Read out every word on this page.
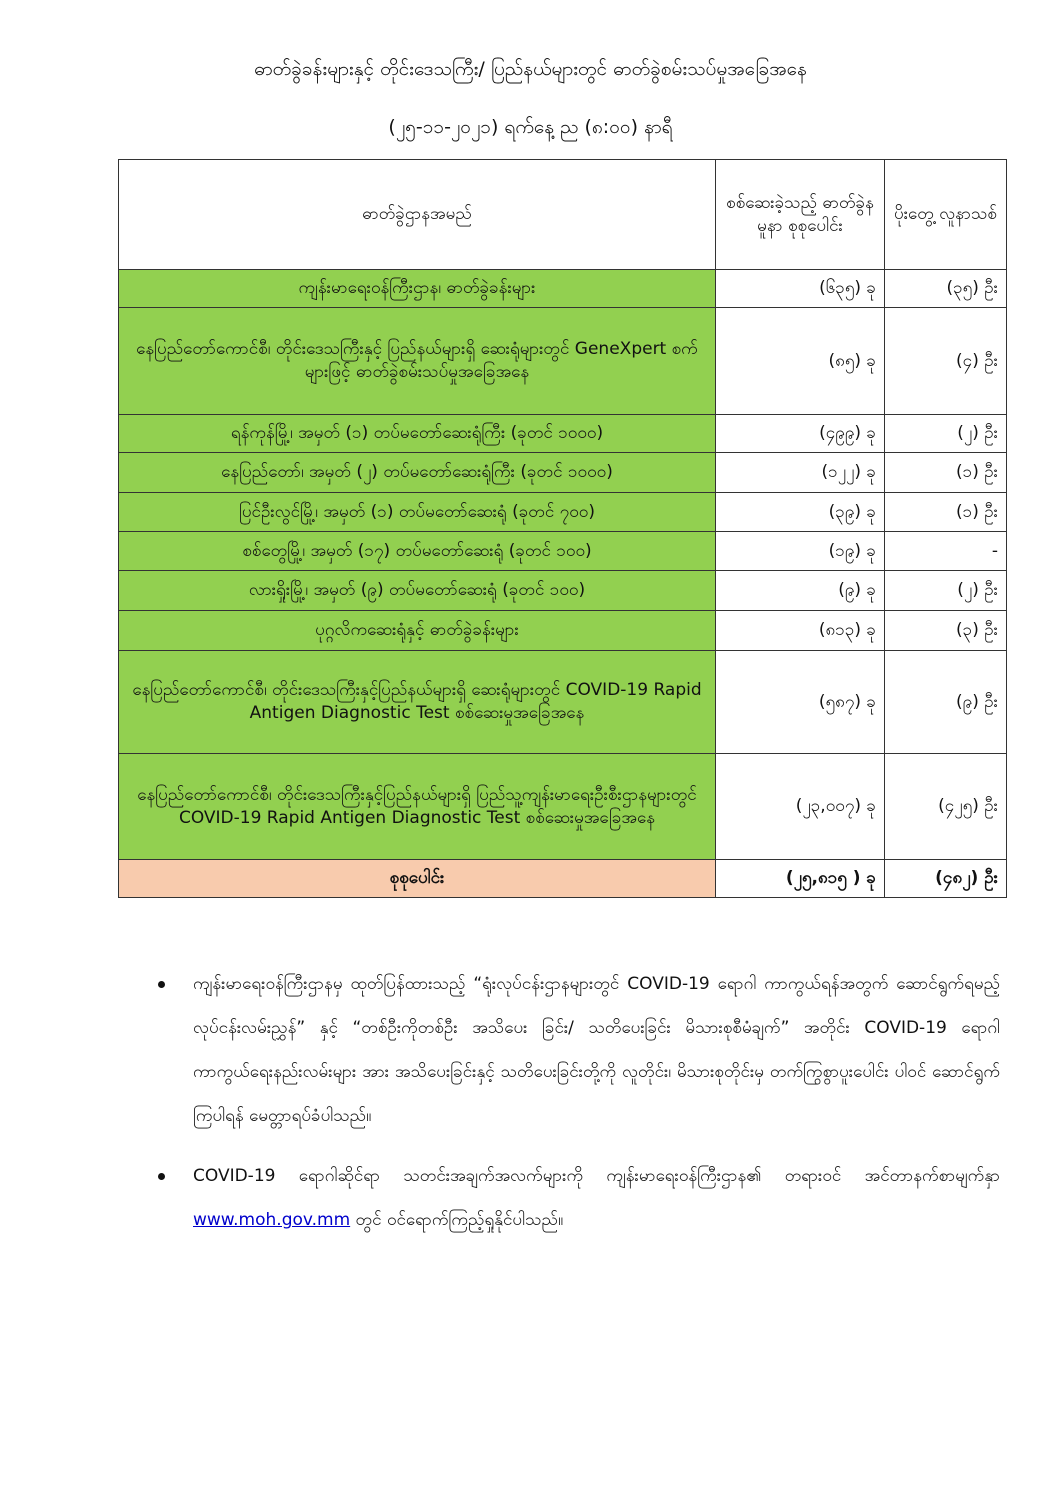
ဓာတ်ခွဲခန်းများနှင့် တိုင်းဒေသကြီး/ ပြည်နယ်များတွင် ဓာတ်ခွဲစမ်းသပ်မှုအခြေအနေ
(၂၅-၁၁-၂၀၂၁) ရက်နေ့ ည (၈:၀၀) နာရီ
ဓာတ်ခွဲဌာနအမည်	စစ်ဆေးခဲ့သည့် ဓာတ်ခွဲနမူနာ စုစုပေါင်း	ပိုးတွေ့ လူနာသစ်
ကျန်းမာရေးဝန်ကြီးဌာန၊ ဓာတ်ခွဲခန်းများ	(၆၃၅) ခု	(၃၅) ဦး
နေပြည်တော်ကောင်စီ၊ တိုင်းဒေသကြီးနှင့် ပြည်နယ်များရှိ ဆေးရုံများတွင် GeneXpert စက်များဖြင့် ဓာတ်ခွဲစမ်းသပ်မှုအခြေအနေ	(၈၅) ခု	(၄) ဦး
ရန်ကုန်မြို့၊ အမှတ် (၁) တပ်မတော်ဆေးရုံကြီး (ခုတင် ၁၀၀၀)	(၄၉၉) ခု	(၂) ဦး
နေပြည်တော်၊ အမှတ် (၂) တပ်မတော်ဆေးရုံကြီး (ခုတင် ၁၀၀၀)	(၁၂၂) ခု	(၁) ဦး
ပြင်ဦးလွင်မြို့၊ အမှတ် (၁) တပ်မတော်ဆေးရုံ (ခုတင် ၇၀၀)	(၃၉) ခု	(၁) ဦး
စစ်တွေမြို့၊ အမှတ် (၁၇) တပ်မတော်ဆေးရုံ (ခုတင် ၁၀၀)	(၁၉) ခု	-
လားရှိုးမြို့၊ အမှတ် (၉) တပ်မတော်ဆေးရုံ (ခုတင် ၁၀၀)	(၉) ခု	(၂) ဦး
ပုဂ္ဂလိကဆေးရုံနှင့် ဓာတ်ခွဲခန်းများ	(၈၁၃) ခု	(၃) ဦး
နေပြည်တော်ကောင်စီ၊ တိုင်းဒေသကြီးနှင့်ပြည်နယ်များရှိ ဆေးရုံများတွင် COVID-19 Rapid Antigen Diagnostic Test စစ်ဆေးမှုအခြေအနေ	(၅၈၇) ခု	(၉) ဦး
နေပြည်တော်ကောင်စီ၊ တိုင်းဒေသကြီးနှင့်ပြည်နယ်များရှိ ပြည်သူ့ကျန်းမာရေးဦးစီးဌာနများတွင် COVID-19 Rapid Antigen Diagnostic Test စစ်ဆေးမှုအခြေအနေ	(၂၃,၀၀၇) ခု	(၄၂၅) ဦး
စုစုပေါင်း	(၂၅,၈၁၅ ) ခု	(၄၈၂) ဦး
ကျန်းမာရေးဝန်ကြီးဌာနမှ ထုတ်ပြန်ထားသည့် “ရုံးလုပ်ငန်းဌာနများတွင် COVID-19 ရောဂါ ကာကွယ်ရန်အတွက် ဆောင်ရွက်ရမည့် လုပ်ငန်းလမ်းညွှန်” နှင့် “တစ်ဦးကိုတစ်ဦး အသိပေး ခြင်း/ သတိပေးခြင်း မိသားစုစီမံချက်” အတိုင်း COVID-19 ရောဂါ ကာကွယ်ရေးနည်းလမ်းများ အား အသိပေးခြင်းနှင့် သတိပေးခြင်းတို့ကို လူတိုင်း၊ မိသားစုတိုင်းမှ တက်ကြွစွာပူးပေါင်း ပါဝင် ဆောင်ရွက်ကြပါရန် မေတ္တာရပ်ခံပါသည်။
COVID-19 ရောဂါဆိုင်ရာ သတင်းအချက်အလက်များကို ကျန်းမာရေးဝန်ကြီးဌာန၏ တရားဝင် အင်တာနက်စာမျက်နှာ www.moh.gov.mm တွင် ဝင်ရောက်ကြည့်ရှုနိုင်ပါသည်။
